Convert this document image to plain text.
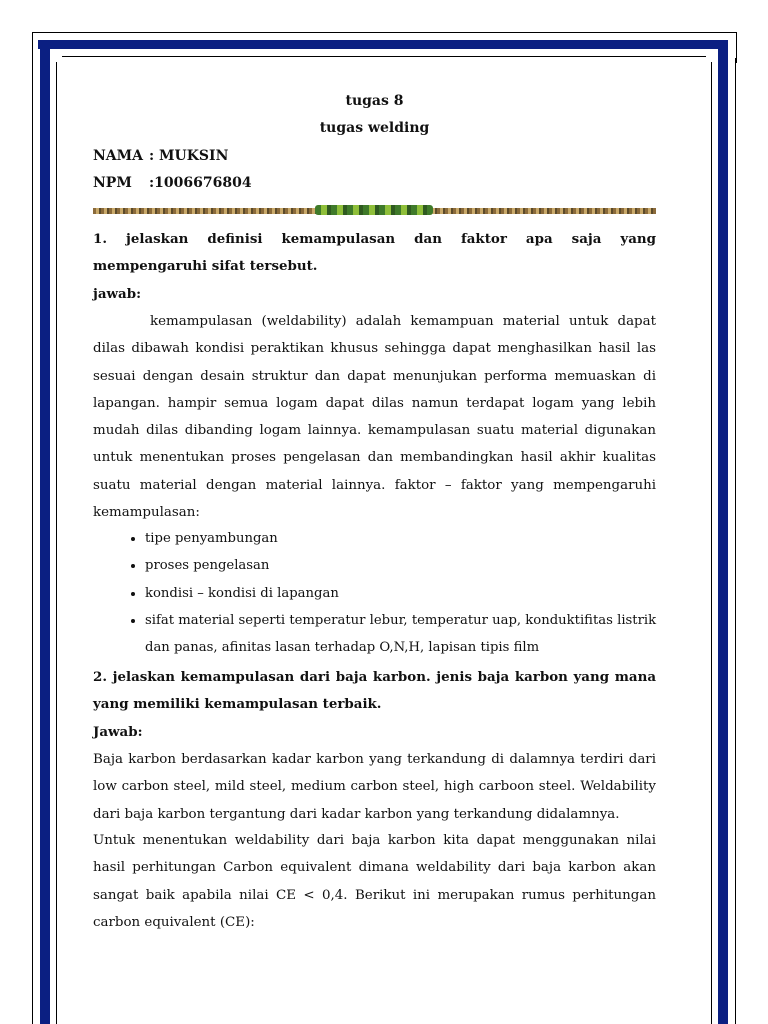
tugas 8
tugas welding
NAMA : MUKSIN
NPM :1006676804
1. jelaskan definisi kemampulasan dan faktor apa saja yang mempengaruhi sifat tersebut.
jawab:
kemampulasan (weldability) adalah kemampuan material untuk dapat dilas dibawah kondisi peraktikan khusus sehingga dapat menghasilkan hasil las sesuai dengan desain struktur dan dapat menunjukan performa memuaskan di lapangan. hampir semua logam dapat dilas namun terdapat logam yang lebih mudah dilas dibanding logam lainnya. kemampulasan suatu material digunakan untuk menentukan proses pengelasan dan membandingkan hasil akhir kualitas suatu material dengan material lainnya. faktor – faktor yang mempengaruhi kemampulasan:
• tipe penyambungan
• proses pengelasan
• kondisi – kondisi di lapangan
• sifat material seperti temperatur lebur, temperatur uap, konduktifitas listrik dan panas, afinitas lasan terhadap O,N,H, lapisan tipis film
2. jelaskan kemampulasan dari baja karbon. jenis baja karbon yang mana yang memiliki kemampulasan terbaik.
Jawab:
Baja karbon berdasarkan kadar karbon yang terkandung di dalamnya terdiri dari low carbon steel, mild steel, medium carbon steel, high carboon steel. Weldability dari baja karbon tergantung dari kadar karbon yang terkandung didalamnya.
Untuk menentukan weldability dari baja karbon kita dapat menggunakan nilai hasil perhitungan Carbon equivalent dimana weldability dari baja karbon akan sangat baik apabila nilai CE < 0,4. Berikut ini merupakan rumus perhitungan carbon equivalent (CE):
